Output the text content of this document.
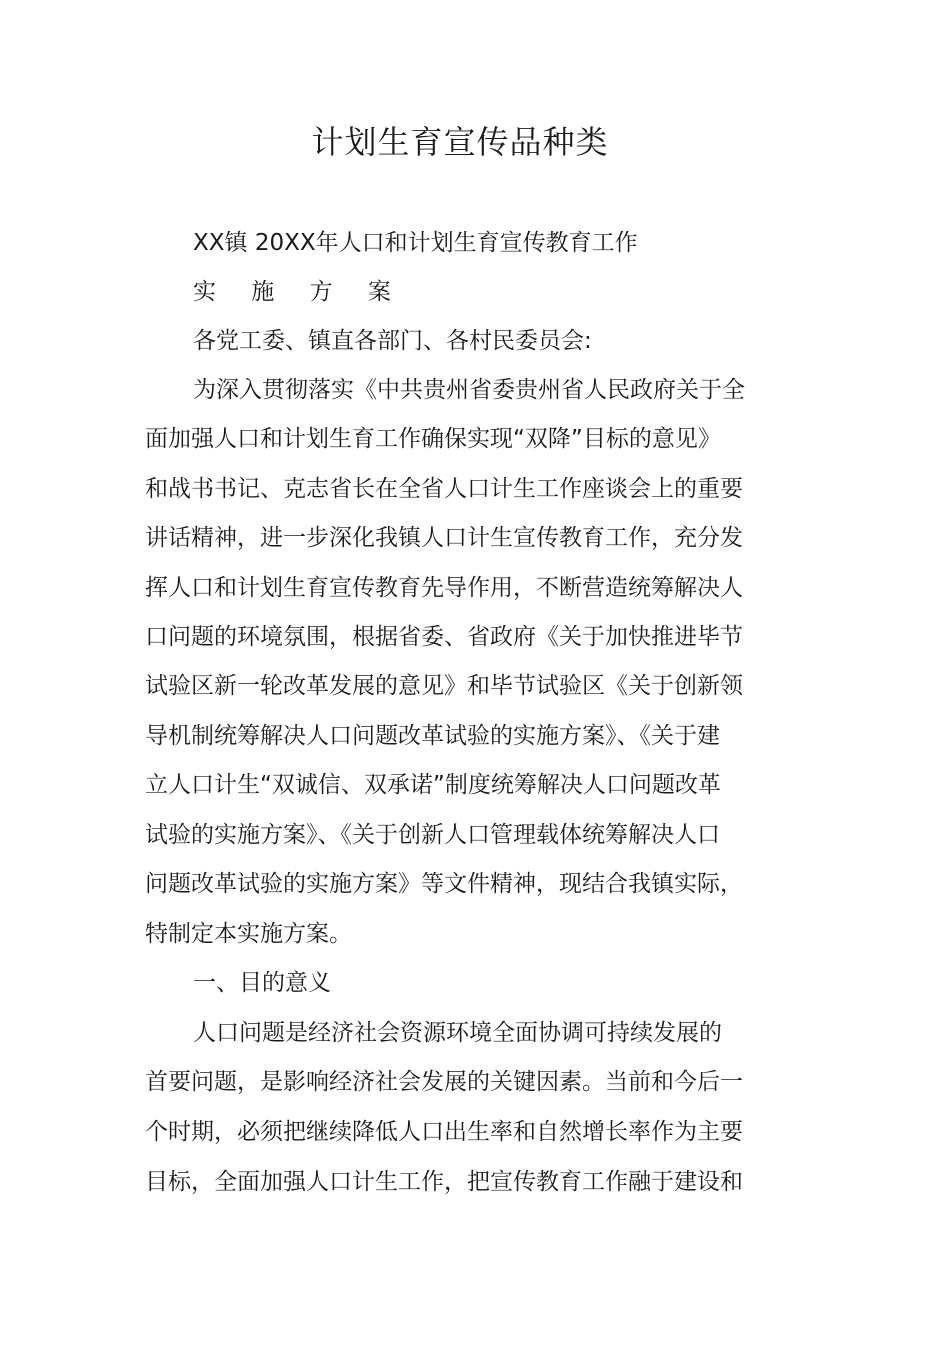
计划生育宣传品种类

XX镇 20XX年人口和计划生育宣传教育工作

实 施 方 案

各党工委、镇直各部门、各村民委员会:

为深入贯彻落实《中共贵州省委贵州省人民政府关于全

面加强人口和计划生育工作确保实现“双降”目标的意见》

和战书书记、克志省长在全省人口计生工作座谈会上的重要

讲话精神，进一步深化我镇人口计生宣传教育工作，充分发

挥人口和计划生育宣传教育先导作用，不断营造统筹解决人

口问题的环境氛围，根据省委、省政府《关于加快推进毕节

试验区新一轮改革发展的意见》和毕节试验区《关于创新领

导机制统筹解决人口问题改革试验的实施方案》、《关于建

立人口计生“双诚信、双承诺”制度统筹解决人口问题改革

试验的实施方案》、《关于创新人口管理载体统筹解决人口

问题改革试验的实施方案》等文件精神，现结合我镇实际，

特制定本实施方案。

一、目的意义

人口问题是经济社会资源环境全面协调可持续发展的

首要问题，是影响经济社会发展的关键因素。当前和今后一

个时期，必须把继续降低人口出生率和自然增长率作为主要

目标，全面加强人口计生工作，把宣传教育工作融于建设和
